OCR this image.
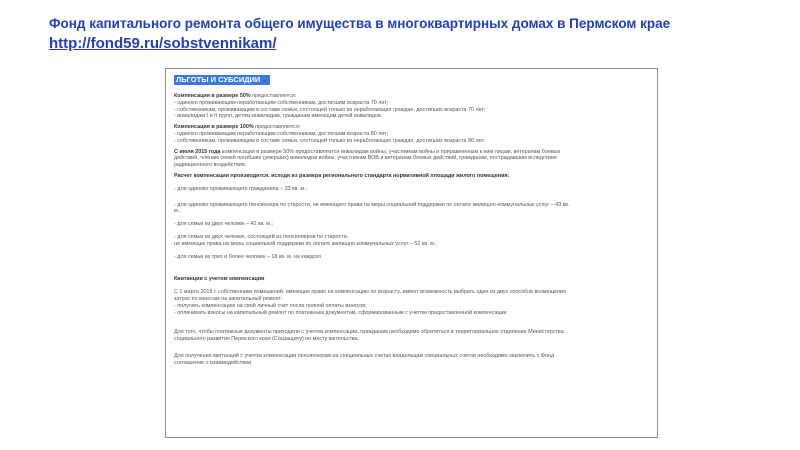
Фонд капитального ремонта общего имущества в многоквартирных домах в Пермском крае http://fond59.ru/sobstvennikam/
ЛЬГОТЫ И СУБСИДИИ⌄
Компенсация в размере 50% предоставляется:
- одиноко проживающим неработающим собственникам, достигшим возраста 70 лет;
- собственникам, проживающим в составе семьи, состоящей только из неработающих граждан, достигших возраста 70 лет;
- инвалидам I и II групп, детям-инвалидам, гражданам имеющим детей инвалидов.
Компенсация в размере 100% предоставляются:
- одиноко проживающим неработающим собственникам, достигшим возраста 80 лет;
- собственникам, проживающим в составе семьи, состоящей только из неработающих граждан, достигших возраста 80 лет.
С июля 2015 года компенсация в размере 50% предоставляются инвалидам войны, участникам войны и приравненным к ним лицам, ветеранам боевых
действий, членам семей погибших (умерших) инвалидов войны, участникам ВОВ и ветеранам боевых действий, гражданам, пострадавшим вследствие
радиационного воздействия.
Расчет компенсации производится, исходя из размера регионального стандарта нормативной площади жилого помещения:
- для одиноко проживающего гражданина – 33 кв. м.;
- для одиноко проживающего пенсионера по старости, не имеющего права на меры социальной поддержки по оплате жилищно-коммунальных услуг – 43 кв.
м.;
- для семьи из двух человек – 42 кв. м.;
- для семьи из двух человек, состоящей из пенсионеров по старости,
не имеющих права на меры социальной поддержки по оплате жилищно-коммунальных услуг – 52 кв. м.;
- для семьи из трех и более человек – 18 кв. м. на каждого.
Квитанции с учетом компенсации
С 1 марта 2018 г. собственники помещений, имеющие право на компенсацию по возрасту, имеют возможность выбрать один из двух способов возмещения
затрат по взносам на капитальный ремонт:
- получать компенсацию на свой личный счет после полной оплаты взносов;
- оплачивать взносы на капитальный ремонт по платежным документам, сформированным с учетом предоставленной компенсации.
Для того, чтобы платежные документы приходили с учетом компенсации, гражданам необходимо обратиться в территориальное отделение Министерства
социального развития Пермского края (Соцзащиту) по месту жительства.
Для получения квитанций с учетом компенсации пенсионерам на специальных счетах владельцам специальных счетов необходимо заключить с Фонд
соглашение о взаимодействии
